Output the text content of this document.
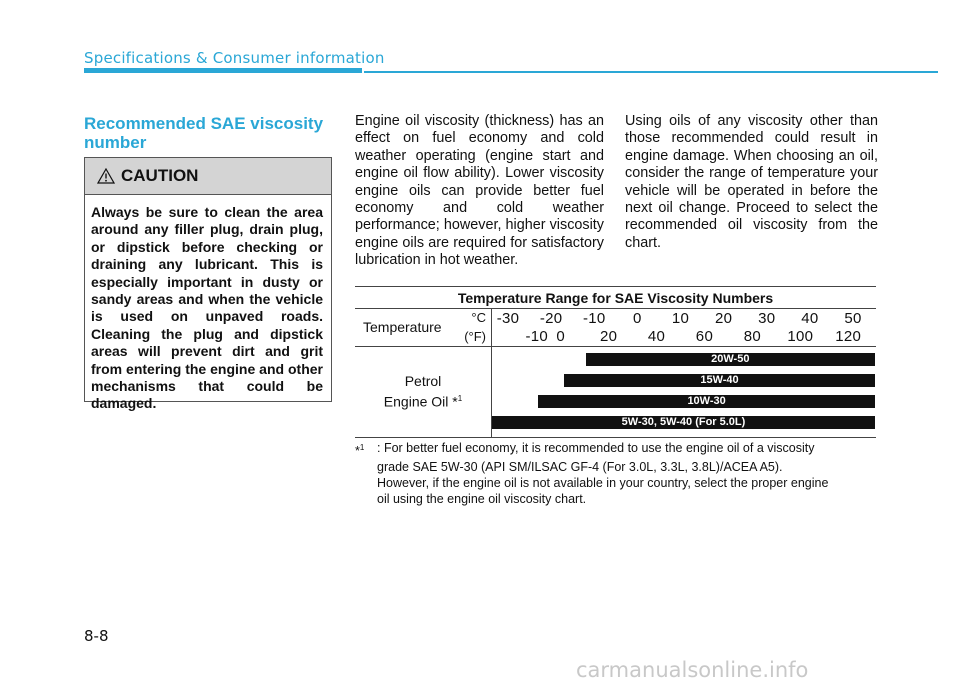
Specifications & Consumer information
Recommended SAE viscosity number
CAUTION
Always be sure to clean the area around any filler plug, drain plug, or dipstick before checking or draining any lubricant. This is especially important in dusty or sandy areas and when the vehicle is used on unpaved roads. Cleaning the plug and dipstick areas will prevent dirt and grit from entering the engine and other mechanisms that could be damaged.
Engine oil viscosity (thickness) has an effect on fuel economy and cold weather operating (engine start and engine oil flow ability). Lower viscosity engine oils can provide better fuel economy and cold weather performance; however, higher viscosity engine oils are required for satisfactory lubrication in hot weather.
Using oils of any viscosity other than those recommended could result in engine damage. When choosing an oil, consider the range of temperature your vehicle will be operated in before the next oil change. Proceed to select the recommended oil viscosity from the chart.
Temperature Range for SAE Viscosity Numbers
Temperature
°C
(°F)
-30 -20 -10 0 10 20 30 40 50
-10 0 20 40 60 80 100 120
Petrol
Engine Oil *$^1$
20W-50
15W-40
10W-30
5W-30, 5W-40 (For 5.0L)
*$^1$	: For better fuel economy, it is recommended to use the engine oil of a viscosity
grade SAE 5W-30 (API SM/ILSAC GF-4 (For 3.0L, 3.3L, 3.8L)/ACEA A5).
However, if the engine oil is not available in your country, select the proper engine
oil using the engine oil viscosity chart.
8-8
carmanualsonline.info
